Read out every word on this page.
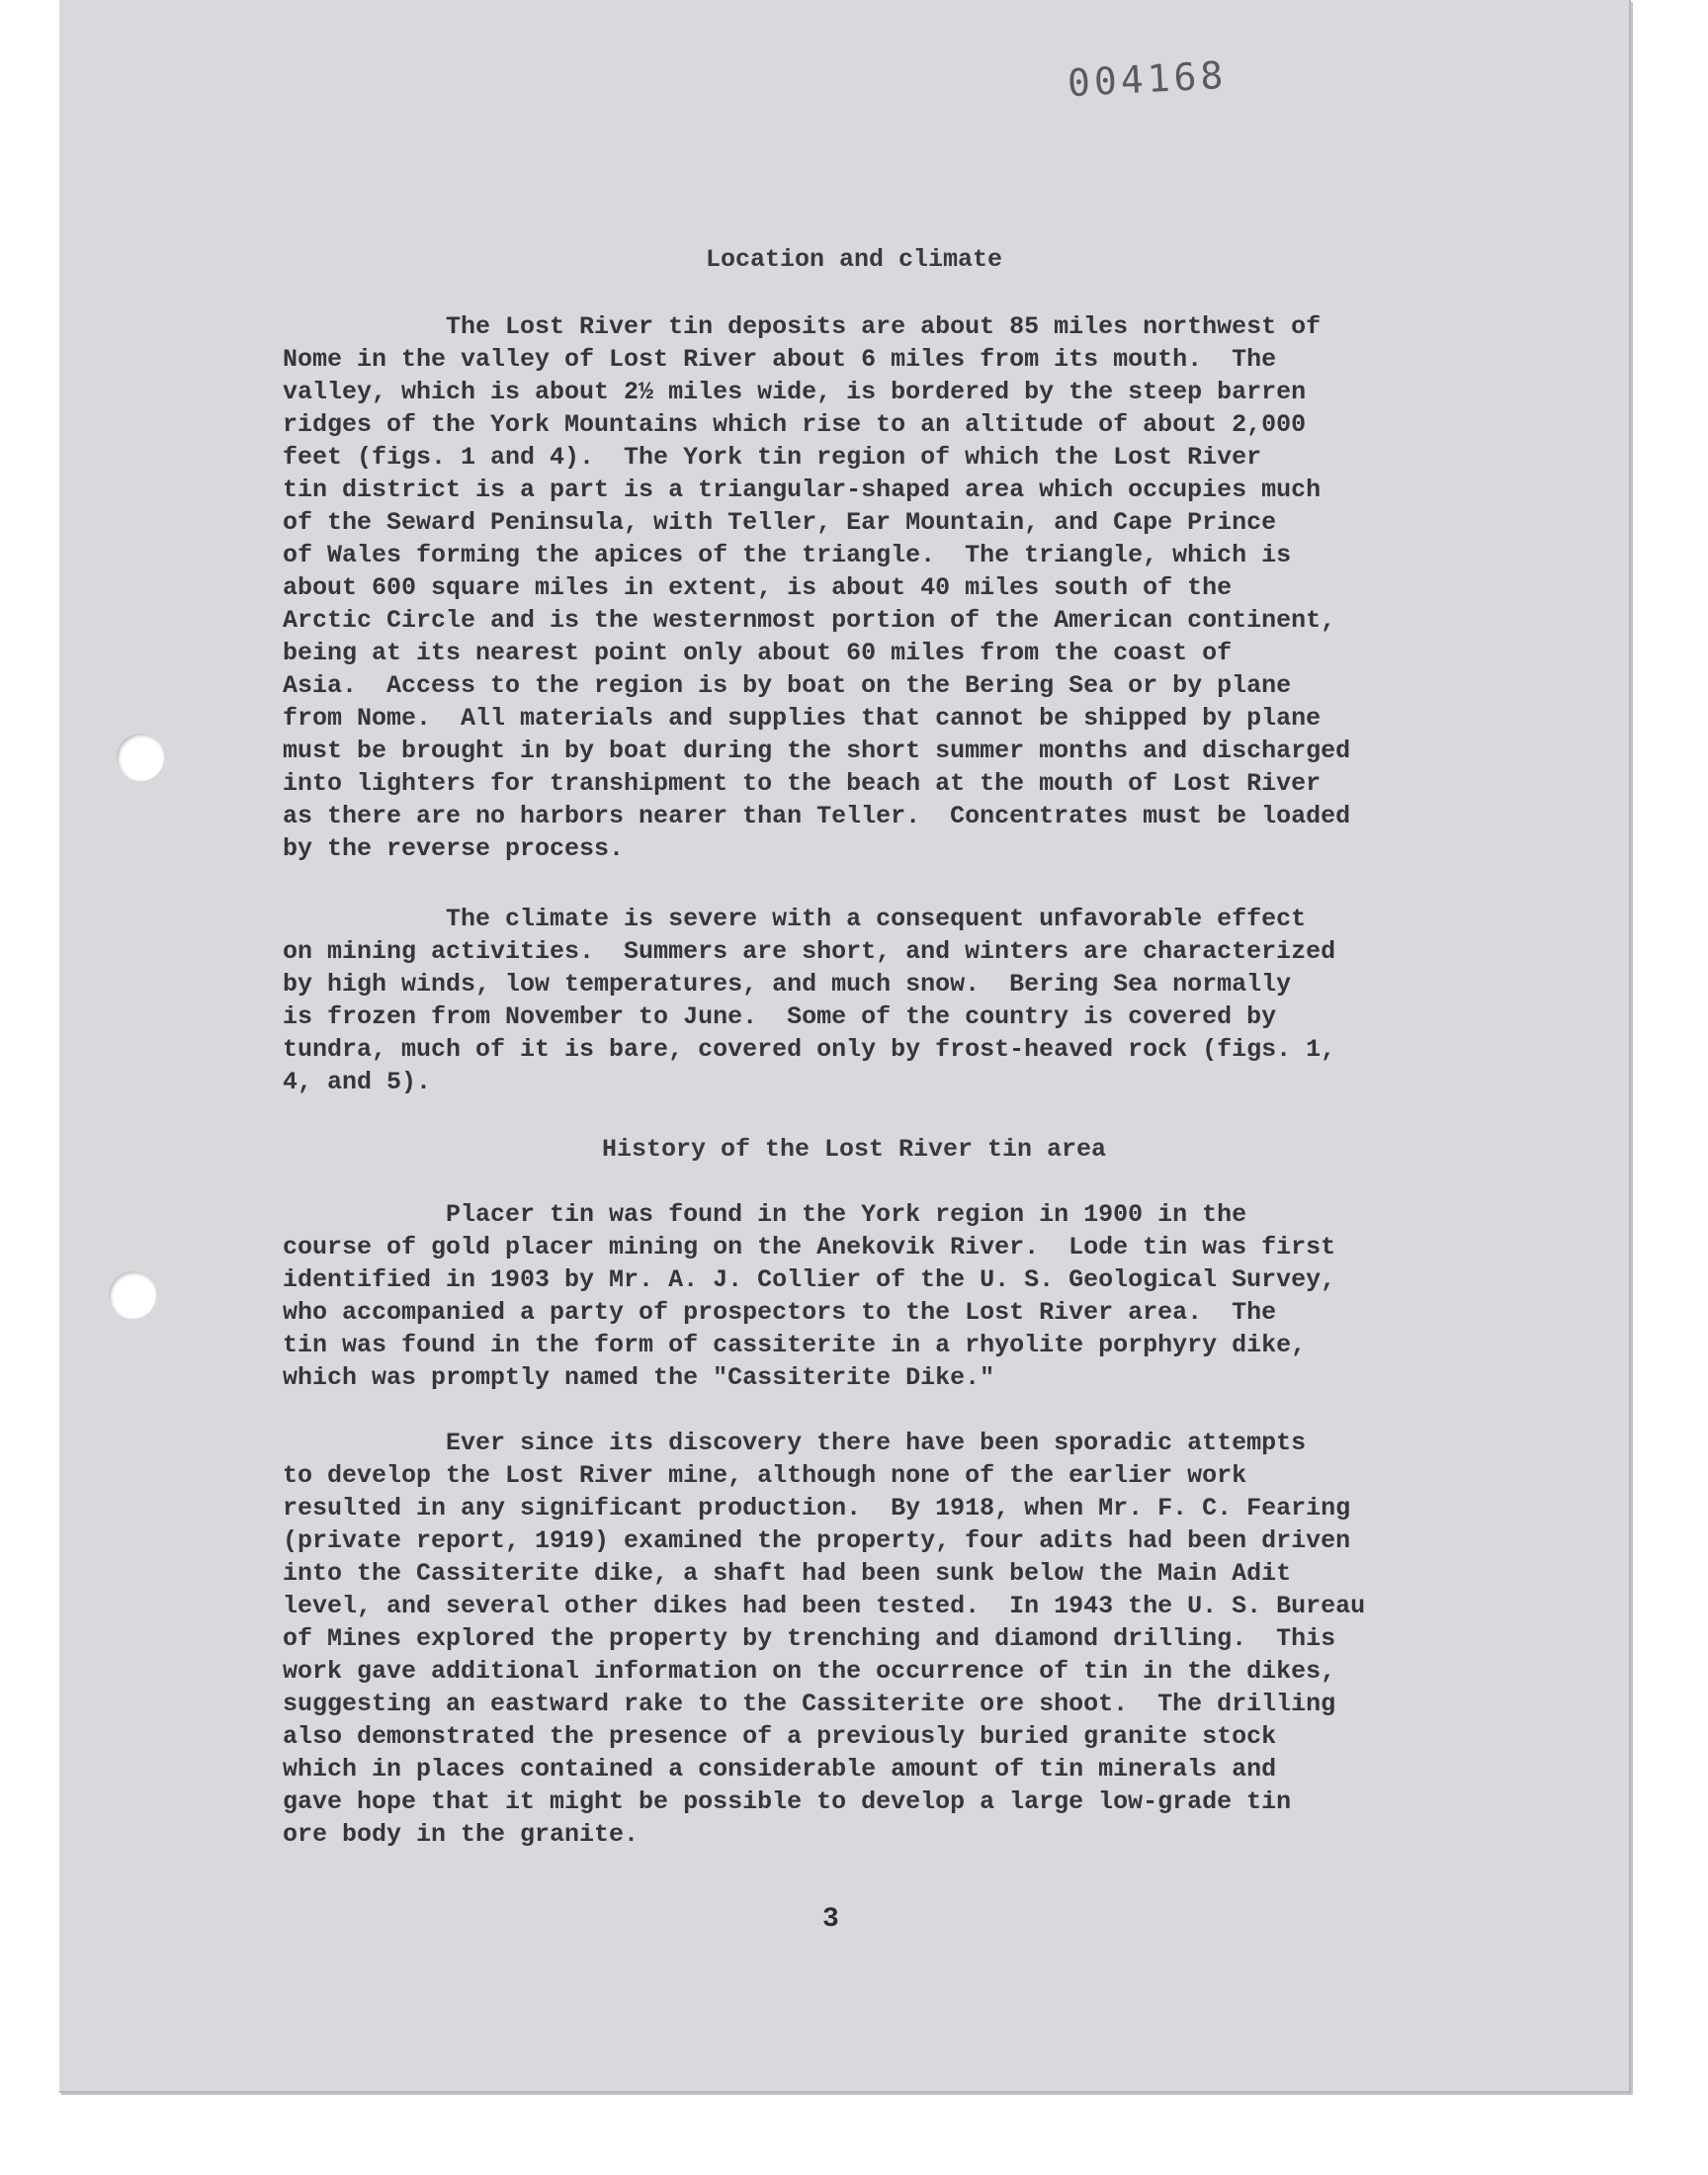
004168
Location and climate

The Lost River tin deposits are about 85 miles northwest of
Nome in the valley of Lost River about 6 miles from its mouth.  The
valley, which is about 2½ miles wide, is bordered by the steep barren
ridges of the York Mountains which rise to an altitude of about 2,000
feet (figs. 1 and 4).  The York tin region of which the Lost River
tin district is a part is a triangular-shaped area which occupies much
of the Seward Peninsula, with Teller, Ear Mountain, and Cape Prince
of Wales forming the apices of the triangle.  The triangle, which is
about 600 square miles in extent, is about 40 miles south of the
Arctic Circle and is the westernmost portion of the American continent,
being at its nearest point only about 60 miles from the coast of
Asia.  Access to the region is by boat on the Bering Sea or by plane
from Nome.  All materials and supplies that cannot be shipped by plane
must be brought in by boat during the short summer months and discharged
into lighters for transhipment to the beach at the mouth of Lost River
as there are no harbors nearer than Teller.  Concentrates must be loaded
by the reverse process.

The climate is severe with a consequent unfavorable effect
on mining activities.  Summers are short, and winters are characterized
by high winds, low temperatures, and much snow.  Bering Sea normally
is frozen from November to June.  Some of the country is covered by
tundra, much of it is bare, covered only by frost-heaved rock (figs. 1,
4, and 5).

History of the Lost River tin area

Placer tin was found in the York region in 1900 in the
course of gold placer mining on the Anekovik River.  Lode tin was first
identified in 1903 by Mr. A. J. Collier of the U. S. Geological Survey,
who accompanied a party of prospectors to the Lost River area.  The
tin was found in the form of cassiterite in a rhyolite porphyry dike,
which was promptly named the "Cassiterite Dike."

Ever since its discovery there have been sporadic attempts
to develop the Lost River mine, although none of the earlier work
resulted in any significant production.  By 1918, when Mr. F. C. Fearing
(private report, 1919) examined the property, four adits had been driven
into the Cassiterite dike, a shaft had been sunk below the Main Adit
level, and several other dikes had been tested.  In 1943 the U. S. Bureau
of Mines explored the property by trenching and diamond drilling.  This
work gave additional information on the occurrence of tin in the dikes,
suggesting an eastward rake to the Cassiterite ore shoot.  The drilling
also demonstrated the presence of a previously buried granite stock
which in places contained a considerable amount of tin minerals and
gave hope that it might be possible to develop a large low-grade tin
ore body in the granite.

3
